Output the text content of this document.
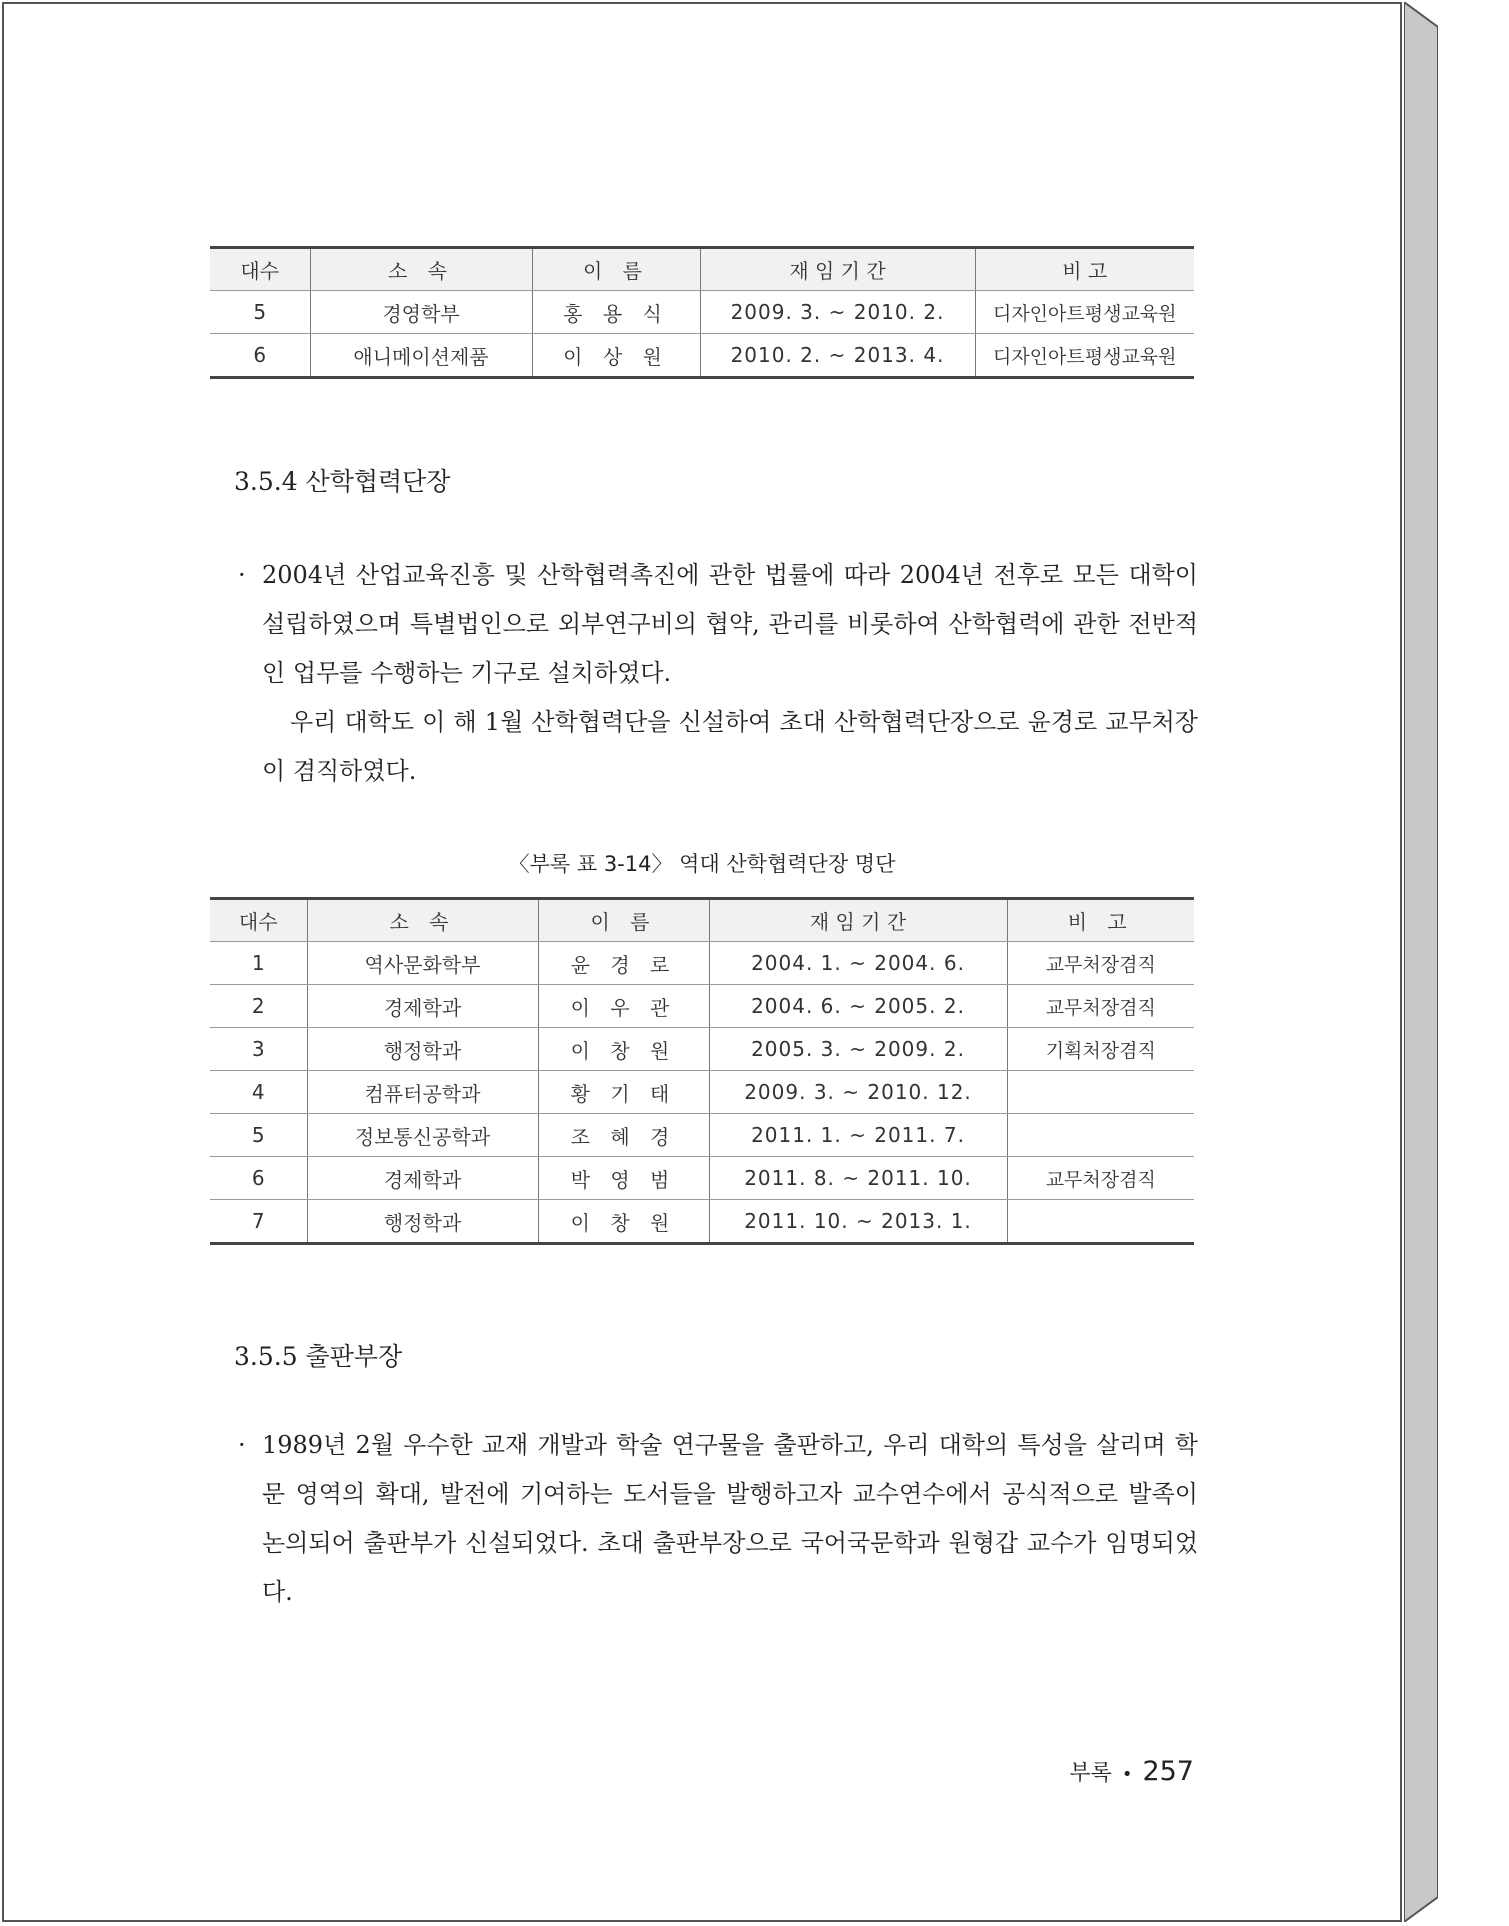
대수	소 속	이 름	재 임 기 간	비 고
5	경영학부	홍 용 식	2009. 3. ~ 2010. 2.	디자인아트평생교육원
6	애니메이션제품	이 상 원	2010. 2. ~ 2013. 4.	디자인아트평생교육원
3.5.4 산학협력단장
· 2004년 산업교육진흥 및 산학협력촉진에 관한 법률에 따라 2004년 전후로 모든 대학이 설립하였으며 특별법인으로 외부연구비의 협약, 관리를 비롯하여 산학협력에 관한 전반적인 업무를 수행하는 기구로 설치하였다.
우리 대학도 이 해 1월 산학협력단을 신설하여 초대 산학협력단장으로 윤경로 교무처장이 겸직하였다.
〈부록 표 3-14〉 역대 산학협력단장 명단
대수	소 속	이 름	재 임 기 간	비 고
1	역사문화학부	윤 경 로	2004. 1. ~ 2004. 6.	교무처장겸직
2	경제학과	이 우 관	2004. 6. ~ 2005. 2.	교무처장겸직
3	행정학과	이 창 원	2005. 3. ~ 2009. 2.	기획처장겸직
4	컴퓨터공학과	황 기 태	2009. 3. ~ 2010. 12.	
5	정보통신공학과	조 혜 경	2011. 1. ~ 2011. 7.	
6	경제학과	박 영 범	2011. 8. ~ 2011. 10.	교무처장겸직
7	행정학과	이 창 원	2011. 10. ~ 2013. 1.	
3.5.5 출판부장
· 1989년 2월 우수한 교재 개발과 학술 연구물을 출판하고, 우리 대학의 특성을 살리며 학문 영역의 확대, 발전에 기여하는 도서들을 발행하고자 교수연수에서 공식적으로 발족이 논의되어 출판부가 신설되었다. 초대 출판부장으로 국어국문학과 원형갑 교수가 임명되었다.
부록 • 257
